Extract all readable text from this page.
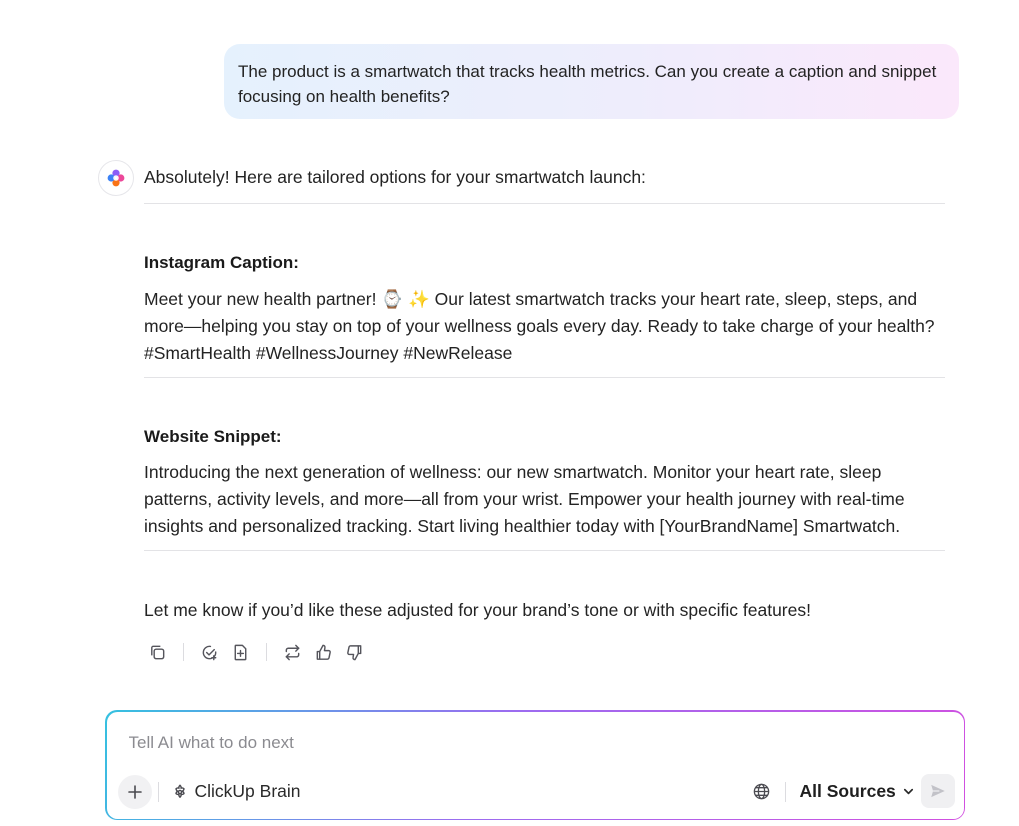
The product is a smartwatch that tracks health metrics. Can you create a caption and snippet focusing on health benefits?
Absolutely! Here are tailored options for your smartwatch launch:
Instagram Caption:
Meet your new health partner! ⌚ ✨ Our latest smartwatch tracks your heart rate, sleep, steps, and more—helping you stay on top of your wellness goals every day. Ready to take charge of your health? #SmartHealth #WellnessJourney #NewRelease
Website Snippet:
Introducing the next generation of wellness: our new smartwatch. Monitor your heart rate, sleep patterns, activity levels, and more—all from your wrist. Empower your health journey with real-time insights and personalized tracking. Start living healthier today with [YourBrandName] Smartwatch.
Let me know if you’d like these adjusted for your brand’s tone or with specific features!
Tell AI what to do next
ClickUp Brain	All Sources
